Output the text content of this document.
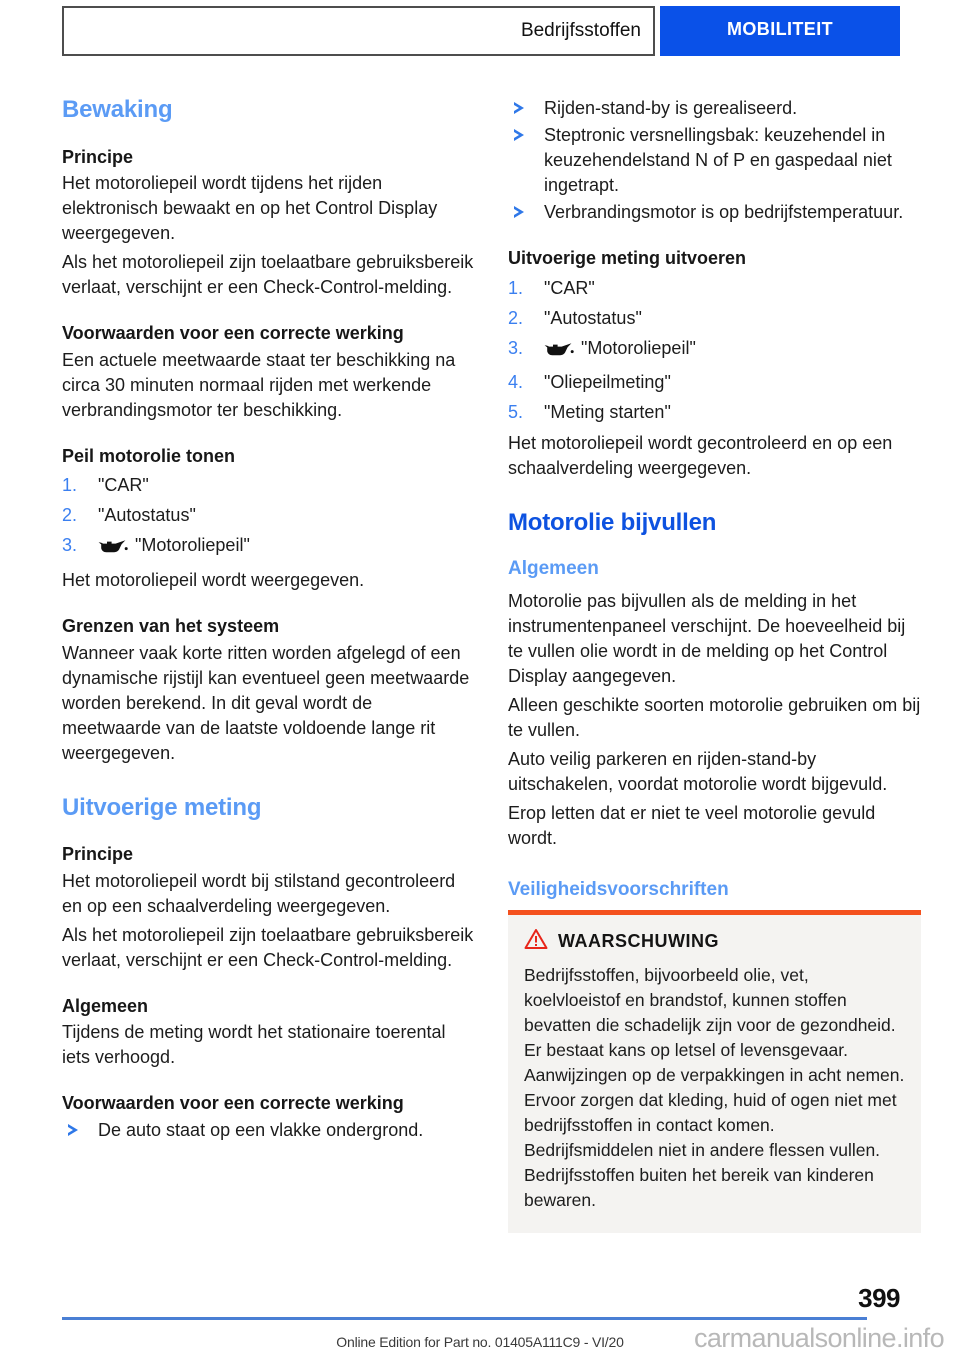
Bedrijfsstoffen	MOBILITEIT
Bewaking
Principe

Het motoroliepeil wordt tijdens het rijden elektronisch bewaakt en op het Control Display weergegeven.

Als het motoroliepeil zijn toelaatbare gebruiksbereik verlaat, verschijnt er een Check-Control-melding.

Voorwaarden voor een correcte werking

Een actuele meetwaarde staat ter beschikking na circa 30 minuten normaal rijden met werkende verbrandingsmotor ter beschikking.

Peil motorolie tonen
"CAR"
"Autostatus"
"Motoroliepeil"

Het motoroliepeil wordt weergegeven.

Grenzen van het systeem

Wanneer vaak korte ritten worden afgelegd of een dynamische rijstijl kan eventueel geen meetwaarde worden berekend. In dit geval wordt de meetwaarde van de laatste voldoende lange rit weergegeven.

Uitvoerige meting
Principe

Het motoroliepeil wordt bij stilstand gecontroleerd en op een schaalverdeling weergegeven.

Als het motoroliepeil zijn toelaatbare gebruiksbereik verlaat, verschijnt er een Check-Control-melding.

Algemeen

Tijdens de meting wordt het stationaire toerental iets verhoogd.

Voorwaarden voor een correcte werking
De auto staat op een vlakke ondergrond.
Rijden-stand-by is gerealiseerd.
Steptronic versnellingsbak: keuzehendel in keuzehendelstand N of P en gaspedaal niet ingetrapt.
Verbrandingsmotor is op bedrijfstemperatuur.
Uitvoerige meting uitvoeren
"CAR"
"Autostatus"
"Motoroliepeil"
"Oliepeilmeting"
"Meting starten"

Het motoroliepeil wordt gecontroleerd en op een schaalverdeling weergegeven.

Motorolie bijvullen
Algemeen

Motorolie pas bijvullen als de melding in het instrumentenpaneel verschijnt. De hoeveelheid bij te vullen olie wordt in de melding op het Control Display aangegeven.

Alleen geschikte soorten motorolie gebruiken om bij te vullen.

Auto veilig parkeren en rijden-stand-by uitschakelen, voordat motorolie wordt bijgevuld.

Erop letten dat er niet te veel motorolie gevuld wordt.

Veiligheidsvoorschriften
WAARSCHUWING

Bedrijfsstoffen, bijvoorbeeld olie, vet, koelvloeistof en brandstof, kunnen stoffen bevatten die schadelijk zijn voor de gezondheid. Er bestaat kans op letsel of levensgevaar. Aanwijzingen op de verpakkingen in acht nemen. Ervoor zorgen dat kleding, huid of ogen niet met bedrijfsstoffen in contact komen. Bedrijfsmiddelen niet in andere flessen vullen. Bedrijfsstoffen buiten het bereik van kinderen bewaren.

399
Online Edition for Part no. 01405A111C9 - VI/20	carmanualsonline.info
